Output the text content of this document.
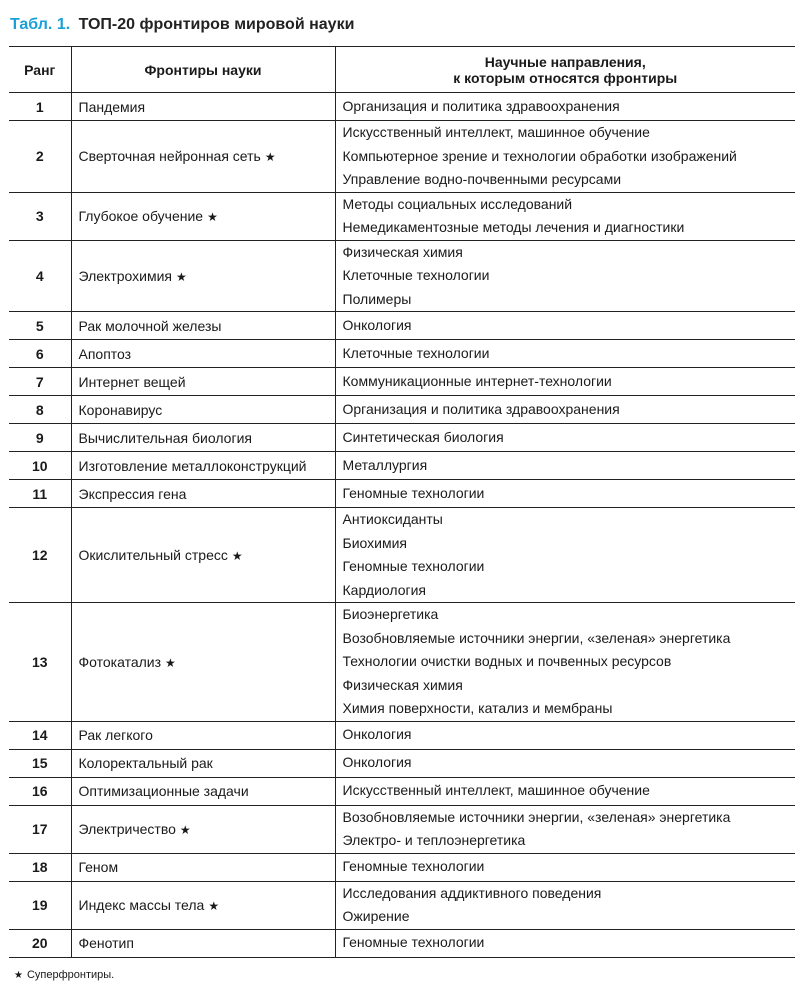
Табл. 1. ТОП-20 фронтиров мировой науки
Ранг	Фронтиры науки	Научные направления,
к которым относятся фронтиры
1	Пандемия	Организация и политика здравоохранения

2	Сверточная нейронная сеть ★	Искусственный интеллект, машинное обучение
Компьютерное зрение и технологии обработки изображений
Управление водно-почвенными ресурсами

3	Глубокое обучение ★	Методы социальных исследований
Немедикаментозные методы лечения и диагностики

4	Электрохимия ★	Физическая химия
Клеточные технологии
Полимеры

5	Рак молочной железы	Онкология

6	Апоптоз	Клеточные технологии

7	Интернет вещей	Коммуникационные интернет-технологии

8	Коронавирус	Организация и политика здравоохранения

9	Вычислительная биология	Синтетическая биология

10	Изготовление металлоконструкций	Металлургия

11	Экспрессия гена	Геномные технологии

12	Окислительный стресс ★	Антиоксиданты
Биохимия
Геномные технологии
Кардиология

13	Фотокатализ ★	Биоэнергетика
Возобновляемые источники энергии, «зеленая» энергетика
Технологии очистки водных и почвенных ресурсов
Физическая химия
Химия поверхности, катализ и мембраны

14	Рак легкого	Онкология

15	Колоректальный рак	Онкология

16	Оптимизационные задачи	Искусственный интеллект, машинное обучение

17	Электричество ★	Возобновляемые источники энергии, «зеленая» энергетика
Электро- и теплоэнергетика

18	Геном	Геномные технологии

19	Индекс массы тела ★	Исследования аддиктивного поведения
Ожирение

20	Фенотип	Геномные технологии
★ Суперфронтиры.
